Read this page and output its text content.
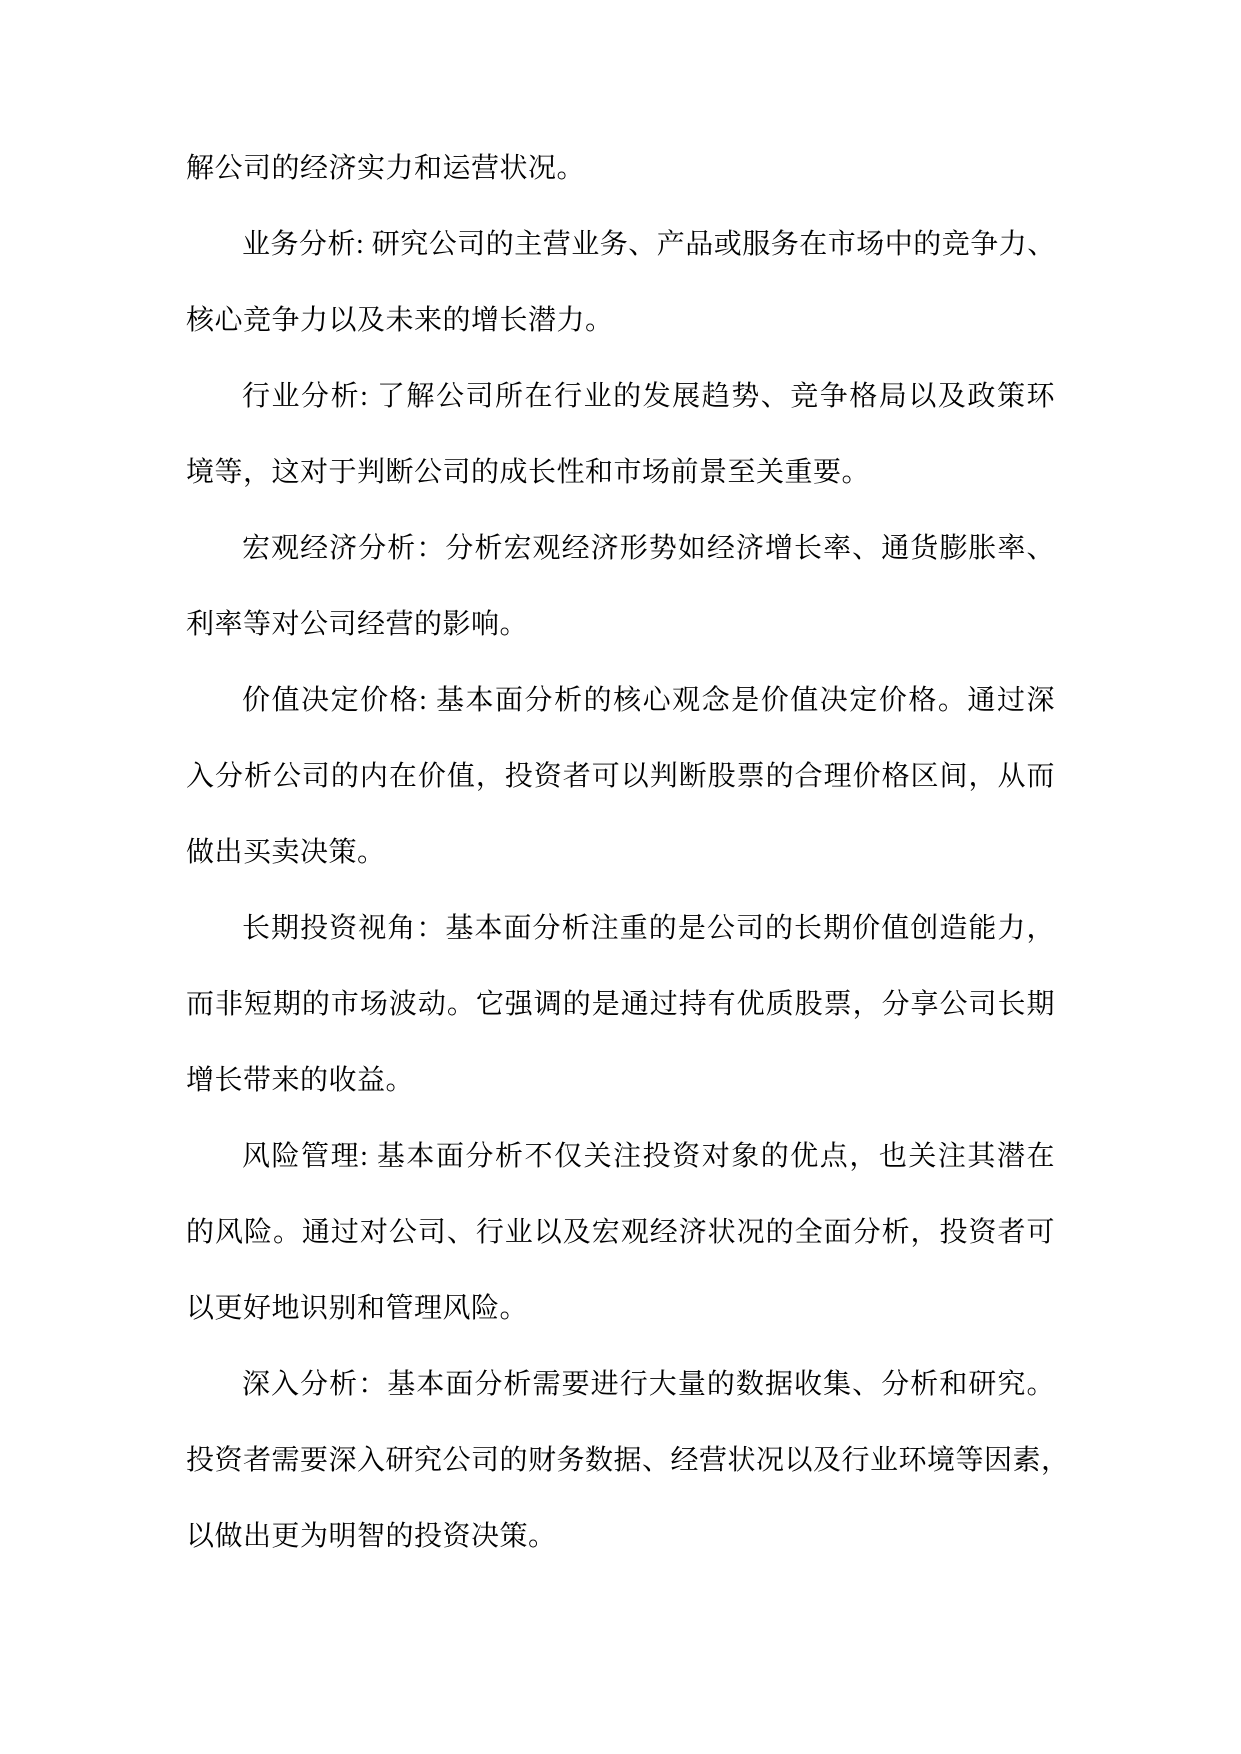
解公司的经济实力和运营状况。
业务分析: 研究公司的主营业务、产品或服务在市场中的竞争力、
核心竞争力以及未来的增长潜力。
行业分析: 了解公司所在行业的发展趋势、竞争格局以及政策环
境等，这对于判断公司的成长性和市场前景至关重要。
宏观经济分析：分析宏观经济形势如经济增长率、通货膨胀率、
利率等对公司经营的影响。
价值决定价格: 基本面分析的核心观念是价值决定价格。通过深
入分析公司的内在价值，投资者可以判断股票的合理价格区间，从而
做出买卖决策。
长期投资视角：基本面分析注重的是公司的长期价值创造能力，
而非短期的市场波动。它强调的是通过持有优质股票，分享公司长期
增长带来的收益。
风险管理: 基本面分析不仅关注投资对象的优点，也关注其潜在
的风险。通过对公司、行业以及宏观经济状况的全面分析，投资者可
以更好地识别和管理风险。
深入分析：基本面分析需要进行大量的数据收集、分析和研究。
投资者需要深入研究公司的财务数据、经营状况以及行业环境等因素，
以做出更为明智的投资决策。
